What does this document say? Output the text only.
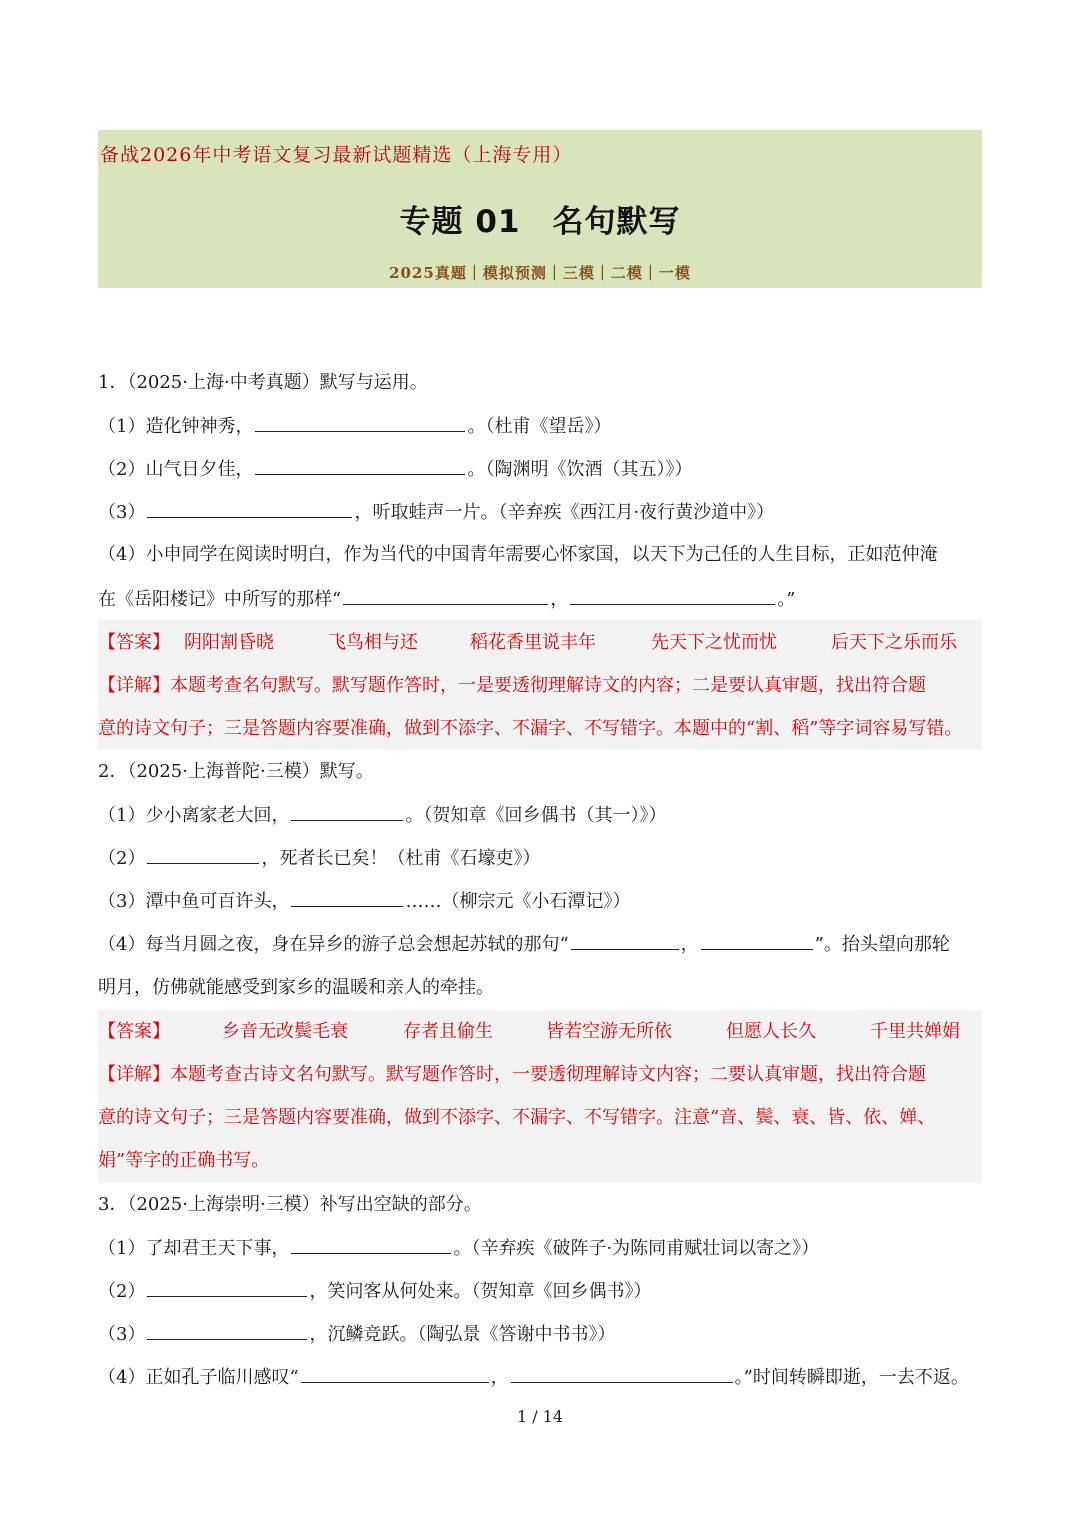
备战2026年中考语文复习最新试题精选（上海专用）
专题 01　名句默写
2025真题｜模拟预测｜三模｜二模｜一模
1．（2025·上海·中考真题）默写与运用。
（1）造化钟神秀，	。（杜甫《望岳》）
（2）山气日夕佳，	。（陶渊明《饮酒（其五）》）
（3）	，听取蛙声一片。（辛弃疾《西江月·夜行黄沙道中》）
（4）小申同学在阅读时明白，作为当代的中国青年需要心怀家国，以天下为己任的人生目标，正如范仲淹
在《岳阳楼记》中所写的那样“	，	。”
【答案】 阴阳割昏晓	飞鸟相与还	稻花香里说丰年	先天下之忧而忧	后天下之乐而乐
【详解】本题考查名句默写。默写题作答时，一是要透彻理解诗文的内容；二是要认真审题，找出符合题
意的诗文句子；三是答题内容要准确，做到不添字、不漏字、不写错字。本题中的“割、稻”等字词容易写错。
2．（2025·上海普陀·三模）默写。
（1）少小离家老大回，	。（贺知章《回乡偶书（其一）》）
（2）	，死者长已矣！（杜甫《石壕吏》）
（3）潭中鱼可百许头，	……（柳宗元《小石潭记》）
（4）每当月圆之夜，身在异乡的游子总会想起苏轼的那句“	，	”。抬头望向那轮
明月，仿佛就能感受到家乡的温暖和亲人的牵挂。
【答案】	乡音无改鬓毛衰	存者且偷生	皆若空游无所依	但愿人长久	千里共婵娟
【详解】本题考查古诗文名句默写。默写题作答时，一要透彻理解诗文内容；二要认真审题，找出符合题
意的诗文句子；三是答题内容要准确，做到不添字、不漏字、不写错字。注意“音、鬓、衰、皆、依、婵、
娟”等字的正确书写。
3．（2025·上海崇明·三模）补写出空缺的部分。
（1）了却君王天下事，	。（辛弃疾《破阵子·为陈同甫赋壮词以寄之》）
（2）	，笑问客从何处来。（贺知章《回乡偶书》）
（3）	，沉鳞竞跃。（陶弘景《答谢中书书》）
（4）正如孔子临川感叹“	，	。”时间转瞬即逝，一去不返。
1 / 14
